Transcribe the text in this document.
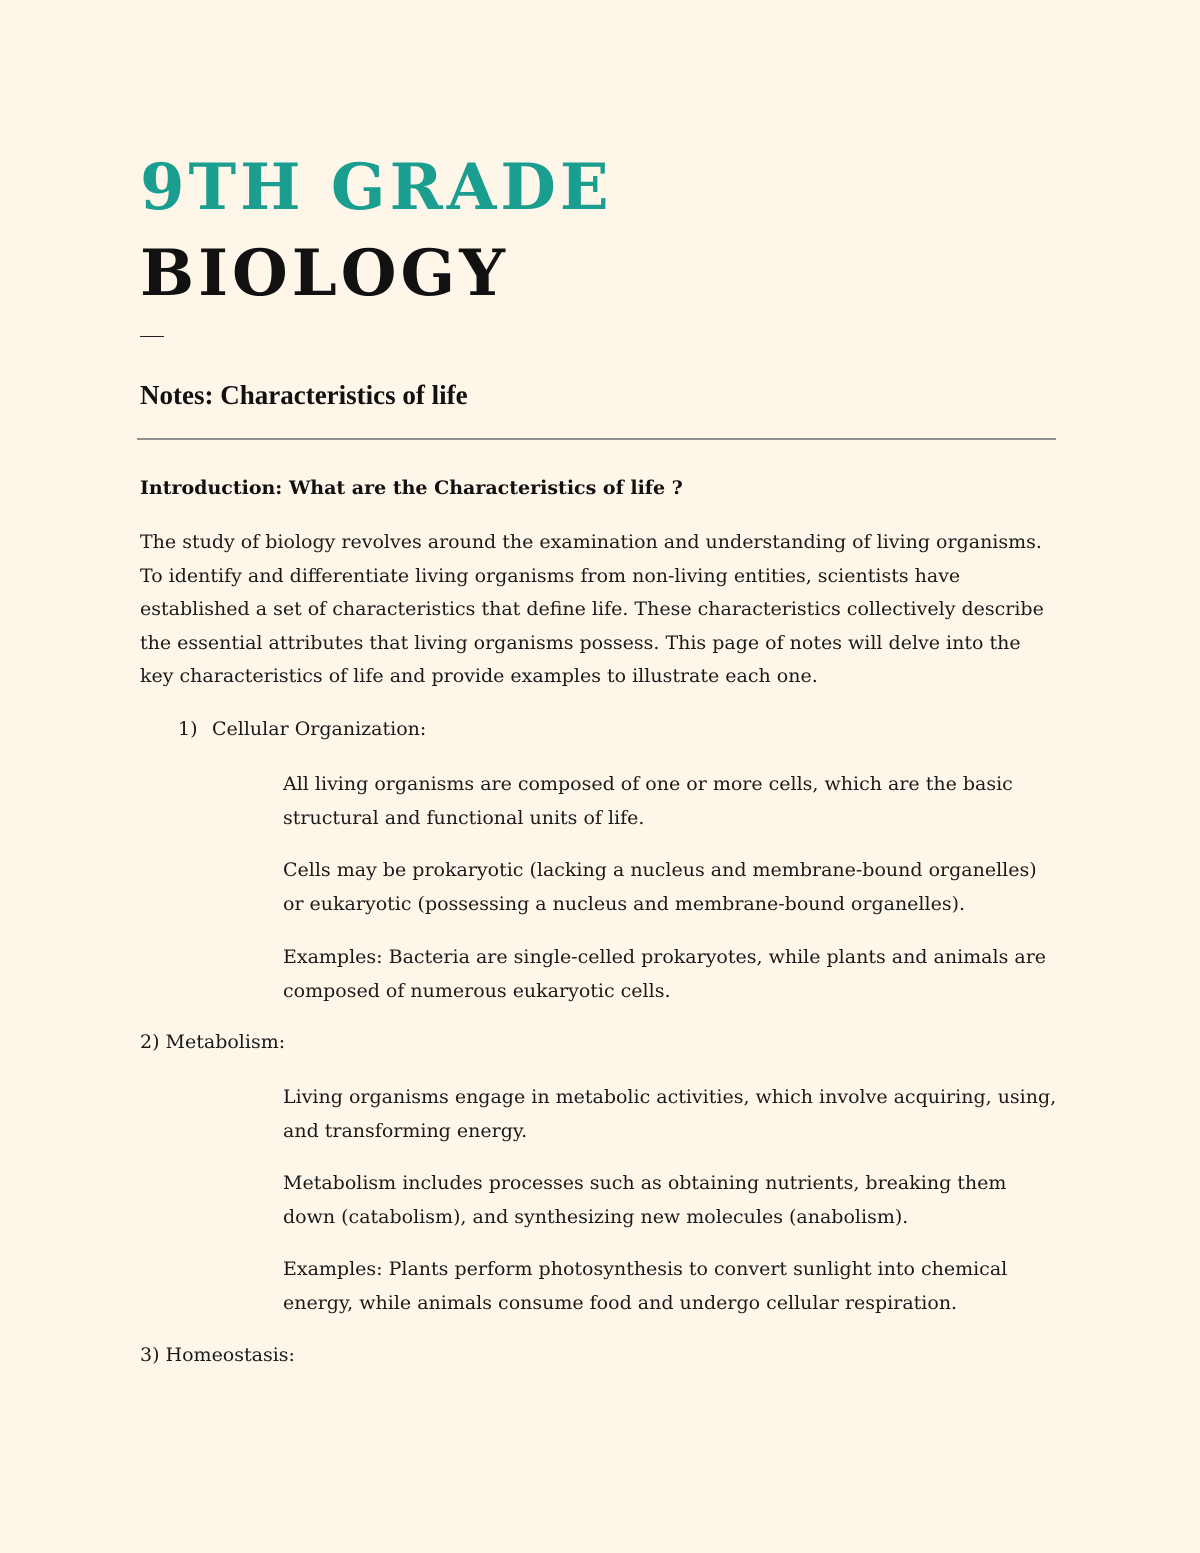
9TH GRADE
BIOLOGY
Notes: Characteristics of life
Introduction: What are the Characteristics of life ?
The study of biology revolves around the examination and understanding of living organisms. To identify and differentiate living organisms from non-living entities, scientists have established a set of characteristics that define life. These characteristics collectively describe the essential attributes that living organisms possess. This page of notes will delve into the key characteristics of life and provide examples to illustrate each one.
1) Cellular Organization:
All living organisms are composed of one or more cells, which are the basic structural and functional units of life.
Cells may be prokaryotic (lacking a nucleus and membrane-bound organelles) or eukaryotic (possessing a nucleus and membrane-bound organelles).
Examples: Bacteria are single-celled prokaryotes, while plants and animals are composed of numerous eukaryotic cells.
2) Metabolism:
Living organisms engage in metabolic activities, which involve acquiring, using, and transforming energy.
Metabolism includes processes such as obtaining nutrients, breaking them down (catabolism), and synthesizing new molecules (anabolism).
Examples: Plants perform photosynthesis to convert sunlight into chemical energy, while animals consume food and undergo cellular respiration.
3) Homeostasis:
